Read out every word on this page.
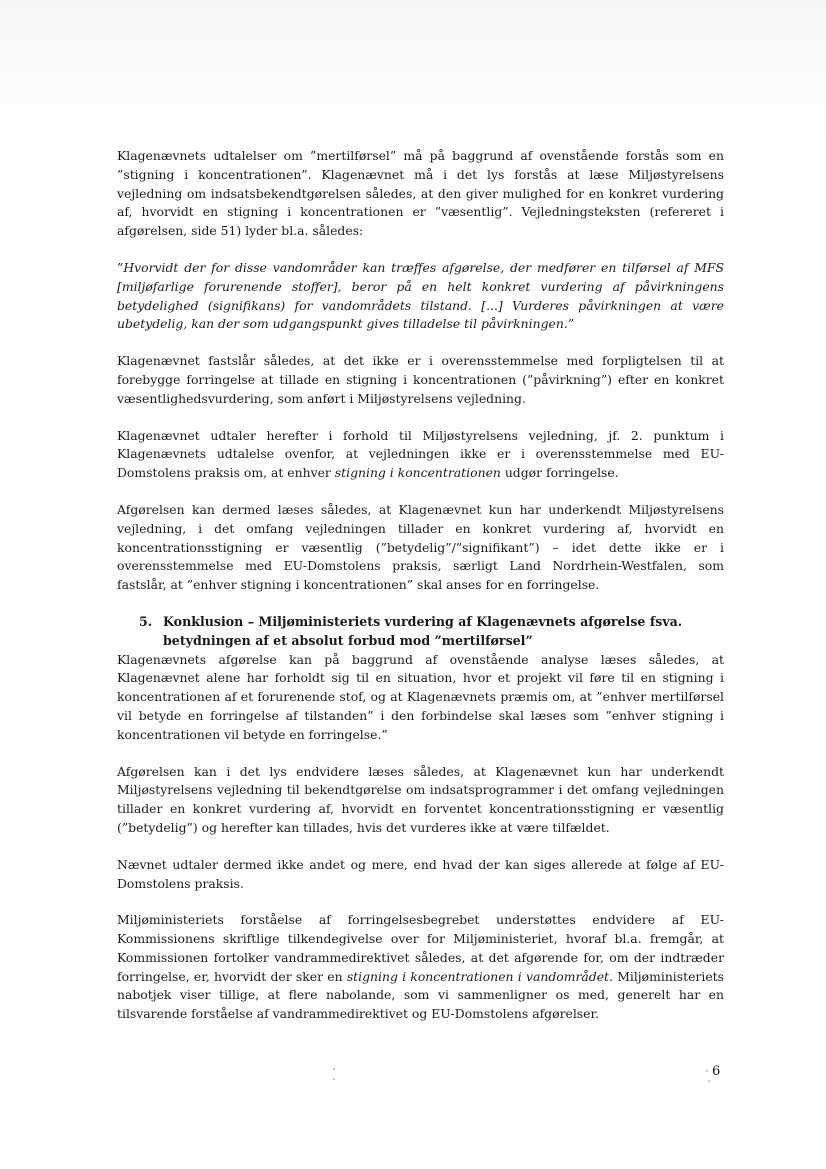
Klagenævnets udtalelser om ”mertilførsel” må på baggrund af ovenstående forstås som en ”stigning i koncentrationen”. Klagenævnet må i det lys forstås at læse Miljøstyrelsens vejledning om indsatsbekendtgørelsen således, at den giver mulighed for en konkret vurdering af, hvorvidt en stigning i koncentrationen er ”væsentlig”. Vejledningsteksten (refereret i afgørelsen, side 51) lyder bl.a. således:

”Hvorvidt der for disse vandområder kan træffes afgørelse, der medfører en tilførsel af MFS [miljøfarlige forurenende stoffer], beror på en helt konkret vurdering af påvirkningens betydelighed (signifikans) for vandområdets tilstand. [...] Vurderes påvirkningen at være ubetydelig, kan der som udgangspunkt gives tilladelse til påvirkningen.”

Klagenævnet fastslår således, at det ikke er i overensstemmelse med forpligtelsen til at forebygge forringelse at tillade en stigning i koncentrationen (”påvirkning”) efter en konkret væsentlighedsvurdering, som anført i Miljøstyrelsens vejledning.

Klagenævnet udtaler herefter i forhold til Miljøstyrelsens vejledning, jf. 2. punktum i Klagenævnets udtalelse ovenfor, at vejledningen ikke er i overensstemmelse med EU-Domstolens praksis om, at enhver stigning i koncentrationen udgør forringelse.

Afgørelsen kan dermed læses således, at Klagenævnet kun har underkendt Miljøstyrelsens vejledning, i det omfang vejledningen tillader en konkret vurdering af, hvorvidt en koncentrationsstigning er væsentlig (”betydelig”/”signifikant”) – idet dette ikke er i overensstemmelse med EU-Domstolens praksis, særligt Land Nordrhein-Westfalen, som fastslår, at ”enhver stigning i koncentrationen” skal anses for en forringelse.

5. Konklusion – Miljøministeriets vurdering af Klagenævnets afgørelse fsva. betydningen af et absolut forbud mod ”mertilførsel”

Klagenævnets afgørelse kan på baggrund af ovenstående analyse læses således, at Klagenævnet alene har forholdt sig til en situation, hvor et projekt vil føre til en stigning i koncentrationen af et forurenende stof, og at Klagenævnets præmis om, at ”enhver mertilførsel vil betyde en forringelse af tilstanden” i den forbindelse skal læses som ”enhver stigning i koncentrationen vil betyde en forringelse.”

Afgørelsen kan i det lys endvidere læses således, at Klagenævnet kun har underkendt Miljøstyrelsens vejledning til bekendtgørelse om indsatsprogrammer i det omfang vejledningen tillader en konkret vurdering af, hvorvidt en forventet koncentrationsstigning er væsentlig (”betydelig”) og herefter kan tillades, hvis det vurderes ikke at være tilfældet.

Nævnet udtaler dermed ikke andet og mere, end hvad der kan siges allerede at følge af EU-Domstolens praksis.

Miljøministeriets forståelse af forringelsesbegrebet understøttes endvidere af EU-Kommissionens skriftlige tilkendegivelse over for Miljøministeriet, hvoraf bl.a. fremgår, at Kommissionen fortolker vandrammedirektivet således, at det afgørende for, om der indtræder forringelse, er, hvorvidt der sker en stigning i koncentrationen i vandområdet. Miljøministeriets nabotjek viser tillige, at flere nabolande, som vi sammenligner os med, generelt har en tilsvarende forståelse af vandrammedirektivet og EU-Domstolens afgørelser.

6
